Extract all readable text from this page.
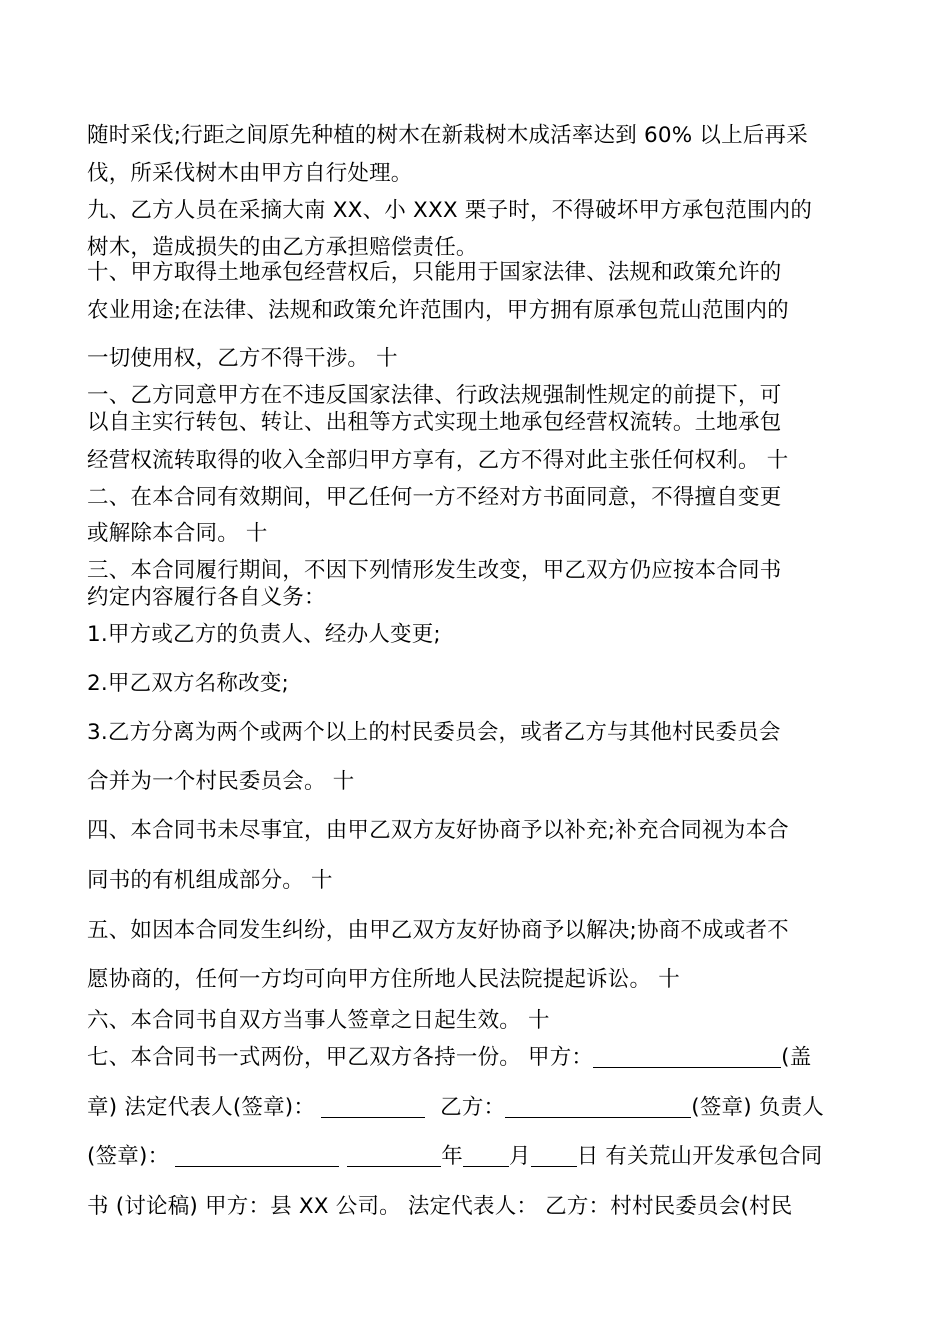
随时采伐;行距之间原先种植的树木在新栽树木成活率达到 60% 以上后再采
伐，所采伐树木由甲方自行处理。
九、乙方人员在采摘大南 XX、小 XXX 栗子时，不得破坏甲方承包范围内的
树木，造成损失的由乙方承担赔偿责任。
十、甲方取得土地承包经营权后，只能用于国家法律、法规和政策允许的
农业用途;在法律、法规和政策允许范围内，甲方拥有原承包荒山范围内的
一切使用权，乙方不得干涉。 十
一、乙方同意甲方在不违反国家法律、行政法规强制性规定的前提下，可
以自主实行转包、转让、出租等方式实现土地承包经营权流转。土地承包
经营权流转取得的收入全部归甲方享有，乙方不得对此主张任何权利。 十
二、在本合同有效期间，甲乙任何一方不经对方书面同意，不得擅自变更
或解除本合同。 十
三、本合同履行期间，不因下列情形发生改变，甲乙双方仍应按本合同书
约定内容履行各自义务：
1.甲方或乙方的负责人、经办人变更;
2.甲乙双方名称改变;
3.乙方分离为两个或两个以上的村民委员会，或者乙方与其他村民委员会
合并为一个村民委员会。 十
四、本合同书未尽事宜，由甲乙双方友好协商予以补充;补充合同视为本合
同书的有机组成部分。 十
五、如因本合同发生纠纷，由甲乙双方友好协商予以解决;协商不成或者不
愿协商的，任何一方均可向甲方住所地人民法院提起诉讼。 十
六、本合同书自双方当事人签章之日起生效。 十
七、本合同书一式两份，甲乙双方各持一份。 甲方：	(盖
章) 法定代表人(签章)：	乙方：	(签章) 负责人
(签章)：	年 月 日 有关荒山开发承包合同
书 (讨论稿) 甲方：县 XX 公司。 法定代表人： 乙方：村村民委员会(村民
